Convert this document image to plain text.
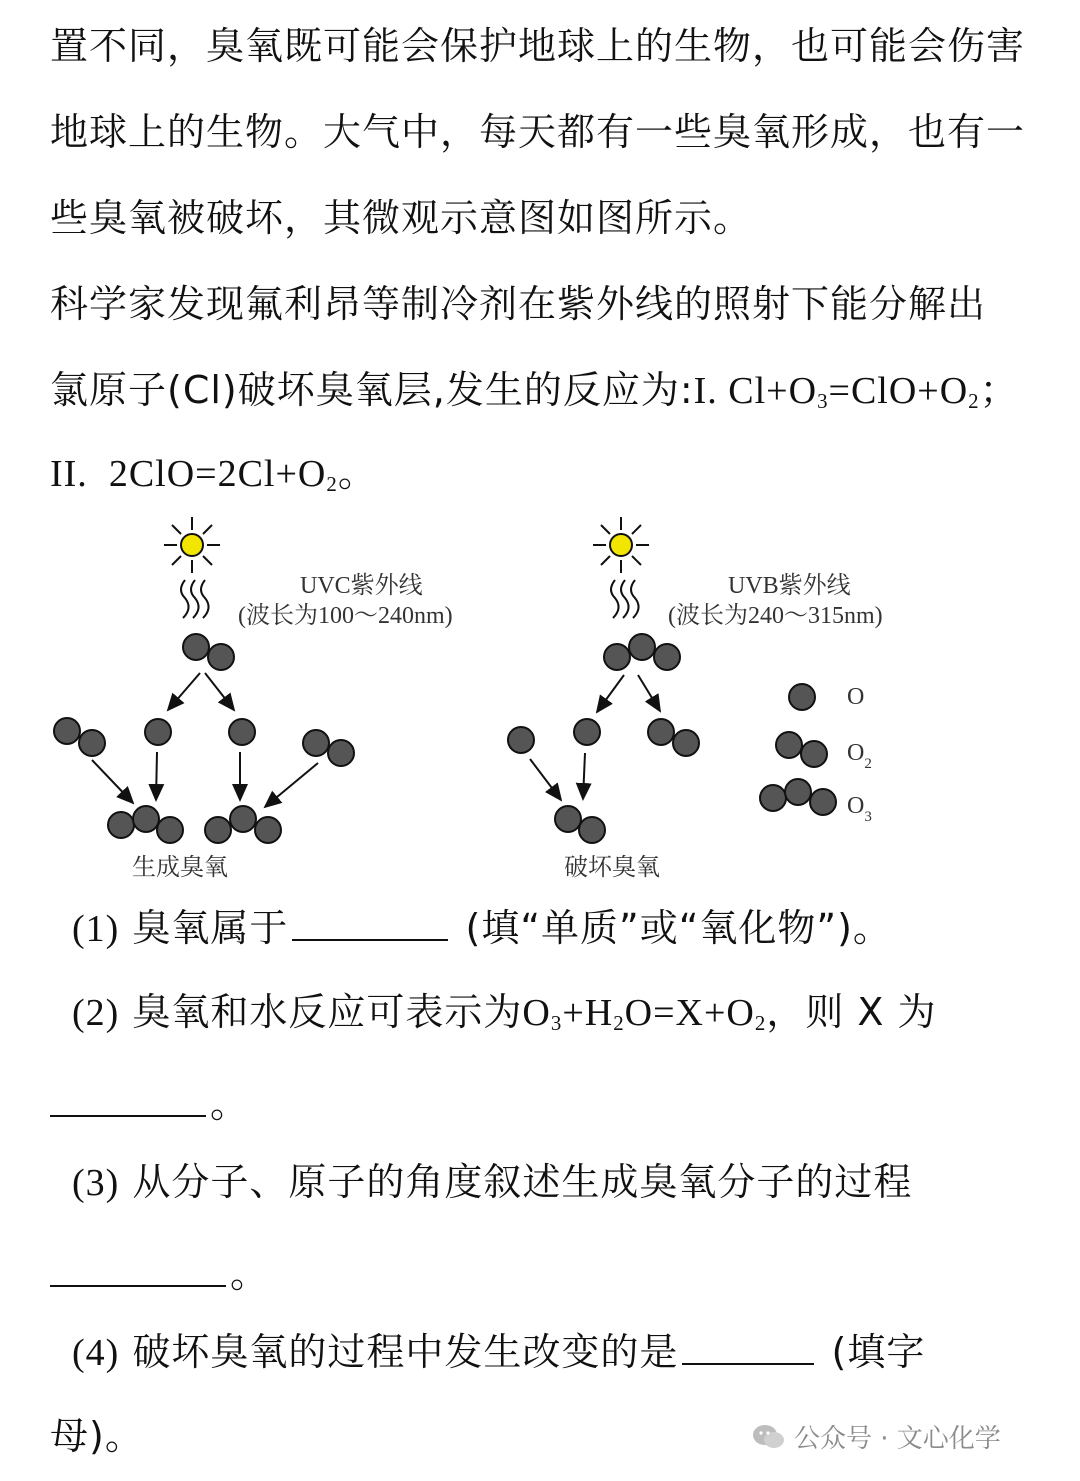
置不同，臭氧既可能会保护地球上的生物，也可能会伤害
地球上的生物。大气中，每天都有一些臭氧形成，也有一
些臭氧被破坏，其微观示意图如图所示。
科学家发现氟利昂等制冷剂在紫外线的照射下能分解出
氯原子(Cl)破坏臭氧层,发生的反应为:I. $Cl+O_3=ClO+O_2$；
II. $2ClO=2Cl+O_2$。
UVC紫外线
(波长为100～240nm)
生成臭氧
UVB紫外线
(波长为240～315nm)
破坏臭氧
O
$O_2$
$O_3$
(1) 臭氧属于	(填“单质”或“氧化物”)。
(2) 臭氧和水反应可表示为$O_3+H_2O=X+O_2$，则 X 为
。
(3) 从分子、原子的角度叙述生成臭氧分子的过程
。
(4) 破坏臭氧的过程中发生改变的是	(填字
母)。	公众号 · 文心化学
